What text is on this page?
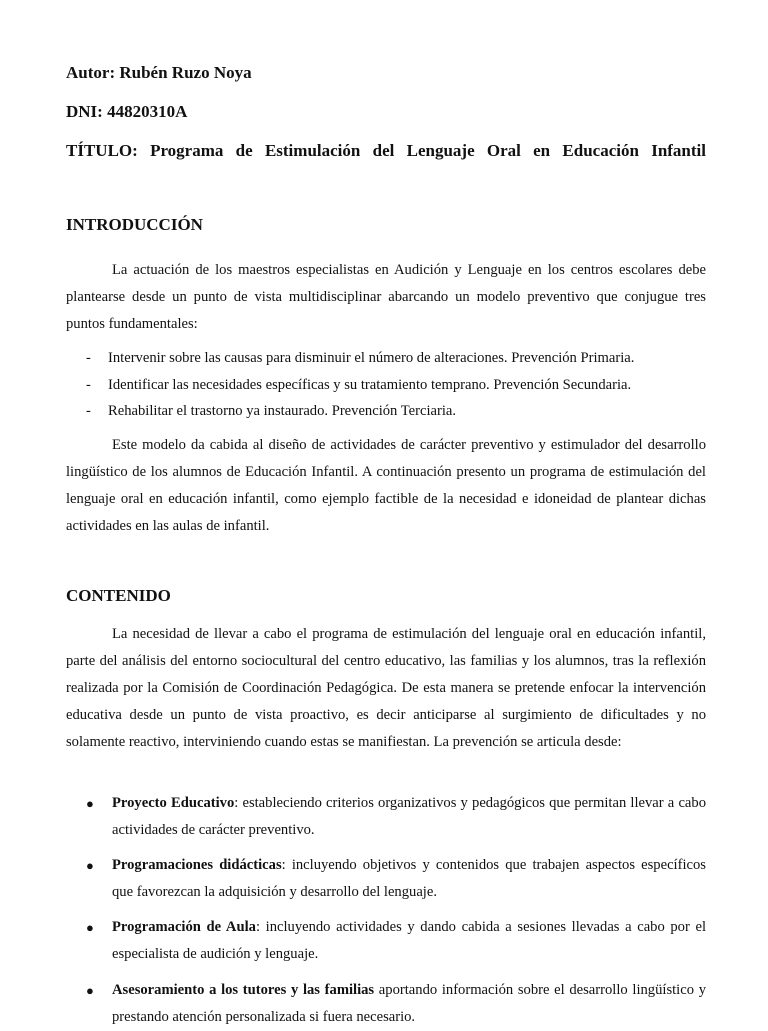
Autor: Rubén Ruzo Noya
DNI: 44820310A
TÍTULO: Programa de Estimulación del Lenguaje Oral en Educación Infantil
INTRODUCCIÓN

La actuación de los maestros especialistas en Audición y Lenguaje en los centros escolares debe plantearse desde un punto de vista multidisciplinar abarcando un modelo preventivo que conjugue tres puntos fundamentales:

- Intervenir sobre las causas para disminuir el número de alteraciones. Prevención Primaria.
- Identificar las necesidades específicas y su tratamiento temprano. Prevención Secundaria.
- Rehabilitar el trastorno ya instaurado. Prevención Terciaria.

Este modelo da cabida al diseño de actividades de carácter preventivo y estimulador del desarrollo lingüístico de los alumnos de Educación Infantil. A continuación presento un programa de estimulación del lenguaje oral en educación infantil, como ejemplo factible de la necesidad e idoneidad de plantear dichas actividades en las aulas de infantil.

CONTENIDO

La necesidad de llevar a cabo el programa de estimulación del lenguaje oral en educación infantil, parte del análisis del entorno sociocultural del centro educativo, las familias y los alumnos, tras la reflexión realizada por la Comisión de Coordinación Pedagógica. De esta manera se pretende enfocar la intervención educativa desde un punto de vista proactivo, es decir anticiparse al surgimiento de dificultades y no solamente reactivo, interviniendo cuando estas se manifiestan. La prevención se articula desde:

● Proyecto Educativo: estableciendo criterios organizativos y pedagógicos que permitan llevar a cabo actividades de carácter preventivo.
● Programaciones didácticas: incluyendo objetivos y contenidos que trabajen aspectos específicos que favorezcan la adquisición y desarrollo del lenguaje.
● Programación de Aula: incluyendo actividades y dando cabida a sesiones llevadas a cabo por el especialista de audición y lenguaje.
● Asesoramiento a los tutores y las familias aportando información sobre el desarrollo lingüístico y prestando atención personalizada si fuera necesario.
